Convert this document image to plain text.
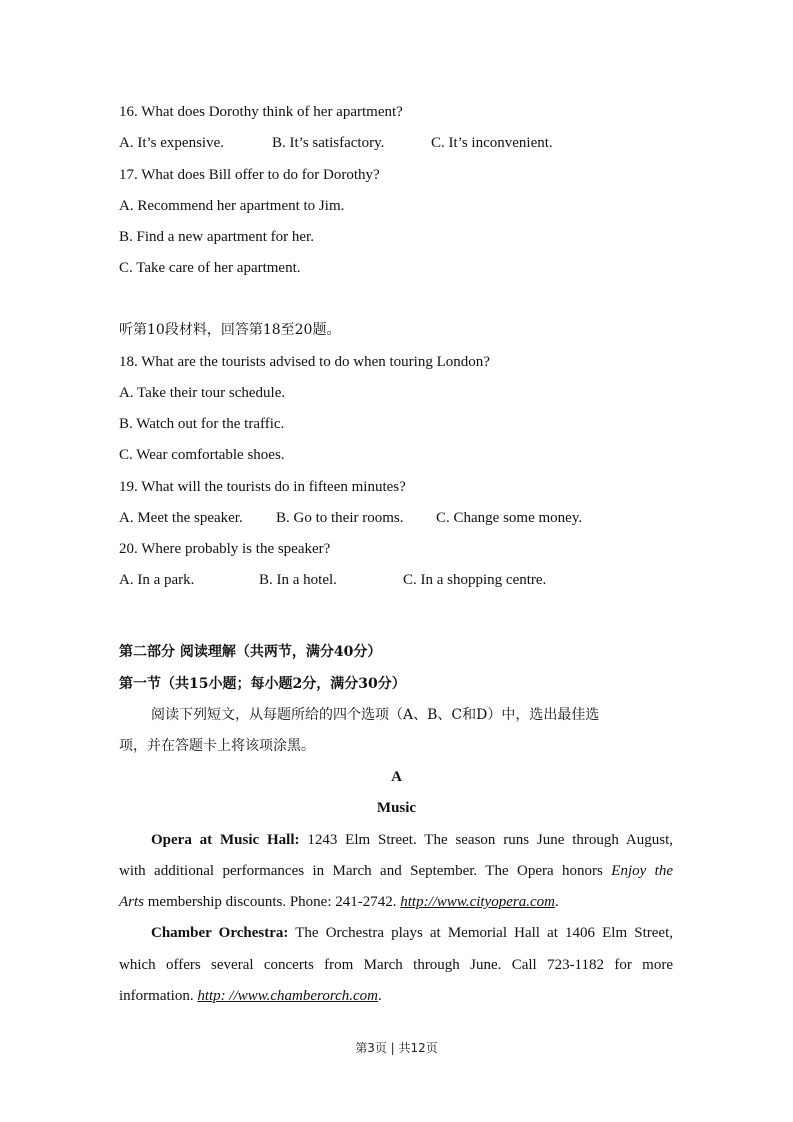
16. What does Dorothy think of her apartment?
A. It’s expensive.	B. It’s satisfactory.	C. It’s inconvenient.
17. What does Bill offer to do for Dorothy?
A. Recommend her apartment to Jim.
B. Find a new apartment for her.
C. Take care of her apartment.
听第10段材料，回答第18至20题。
18. What are the tourists advised to do when touring London?
A. Take their tour schedule.
B. Watch out for the traffic.
C. Wear comfortable shoes.
19. What will the tourists do in fifteen minutes?
A. Meet the speaker. B. Go to their rooms. C. Change some money.
20. Where probably is the speaker?
A. In a park.	B. In a hotel.	C. In a shopping centre.
第二部分 阅读理解（共两节，满分40分）
第一节（共15小题；每小题2分，满分30分）
阅读下列短文，从每题所给的四个选项（A、B、C和D）中，选出最佳选
项，并在答题卡上将该项涂黑。
A
Music
Opera at Music Hall: 1243 Elm Street. The season runs June through August,
with additional performances in March and September. The Opera honors Enjoy the
Arts membership discounts. Phone: 241-2742. http://www.cityopera.com.
Chamber Orchestra: The Orchestra plays at Memorial Hall at 1406 Elm Street,
which offers several concerts from March through June. Call 723-1182 for more
information. http: //www.chamberorch.com.
第3页 | 共12页
